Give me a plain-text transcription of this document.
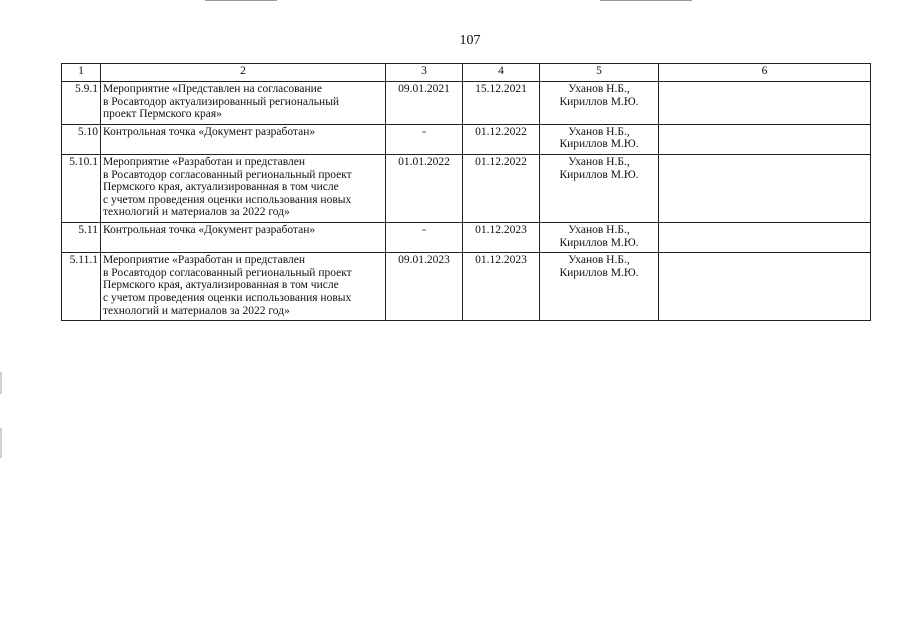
107
1	2	3	4	5	6
5.9.1	Мероприятие «Представлен на согласование
в Росавтодор актуализированный региональный
проект Пермского края»	09.01.2021	15.12.2021	Уханов Н.Б.,
Кириллов М.Ю.	

5.10	Контрольная точка «Документ разработан»	-	01.12.2022	Уханов Н.Б.,
Кириллов М.Ю.	

5.10.1	Мероприятие «Разработан и представлен
в Росавтодор согласованный региональный проект
Пермского края, актуализированная в том числе
с учетом проведения оценки использования новых
технологий и материалов за 2022 год»	01.01.2022	01.12.2022	Уханов Н.Б.,
Кириллов М.Ю.	

5.11	Контрольная точка «Документ разработан»	-	01.12.2023	Уханов Н.Б.,
Кириллов М.Ю.	

5.11.1	Мероприятие «Разработан и представлен
в Росавтодор согласованный региональный проект
Пермского края, актуализированная в том числе
с учетом проведения оценки использования новых
технологий и материалов за 2022 год»	09.01.2023	01.12.2023	Уханов Н.Б.,
Кириллов М.Ю.	
